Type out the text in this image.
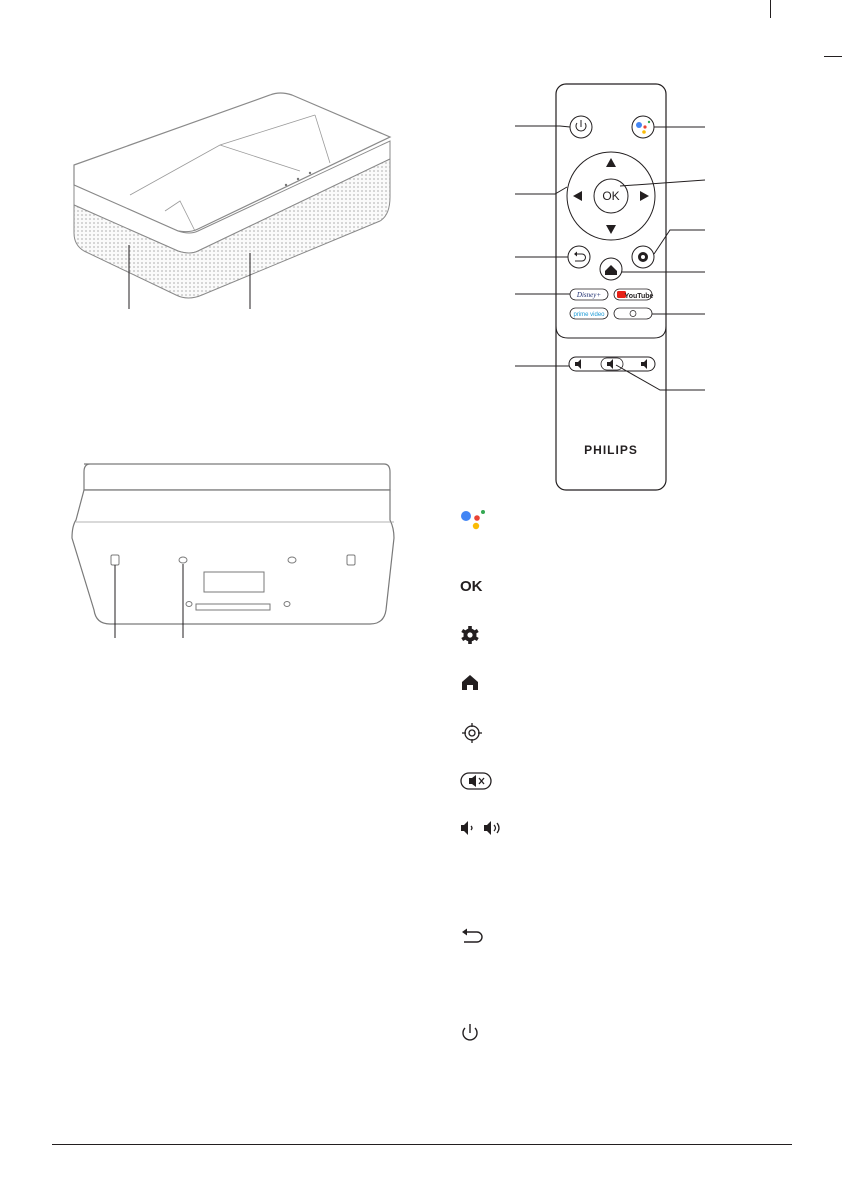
OK
Disney+	YouTube
prime video
PHILIPS
OK
